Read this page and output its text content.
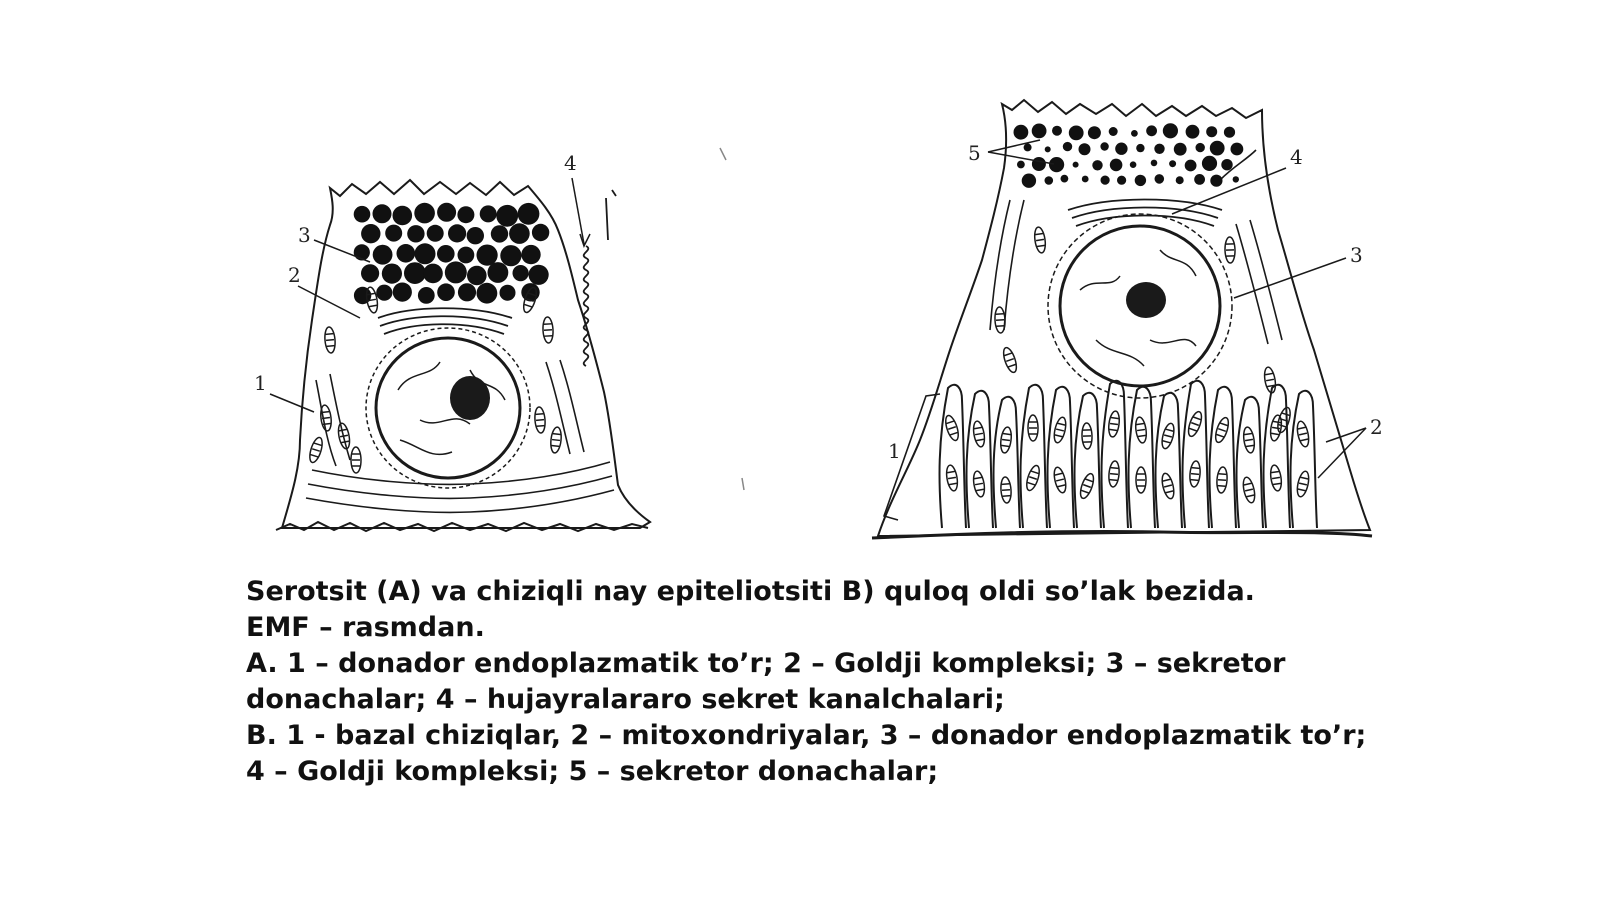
1
2
3
4
1
2
3
4
5
Serotsit (A) va chiziqli nay epiteliotsiti B) quloq oldi so’lak bezida.
EMF – rasmdan.
A. 1 – donador endoplazmatik to’r; 2 – Goldji kompleksi; 3 – sekretor
donachalar; 4 – hujayralararo sekret kanalchalari;
B. 1 - bazal chiziqlar, 2 – mitoxondriyalar, 3 – donador endoplazmatik to’r;
4 – Goldji kompleksi; 5 – sekretor donachalar;
